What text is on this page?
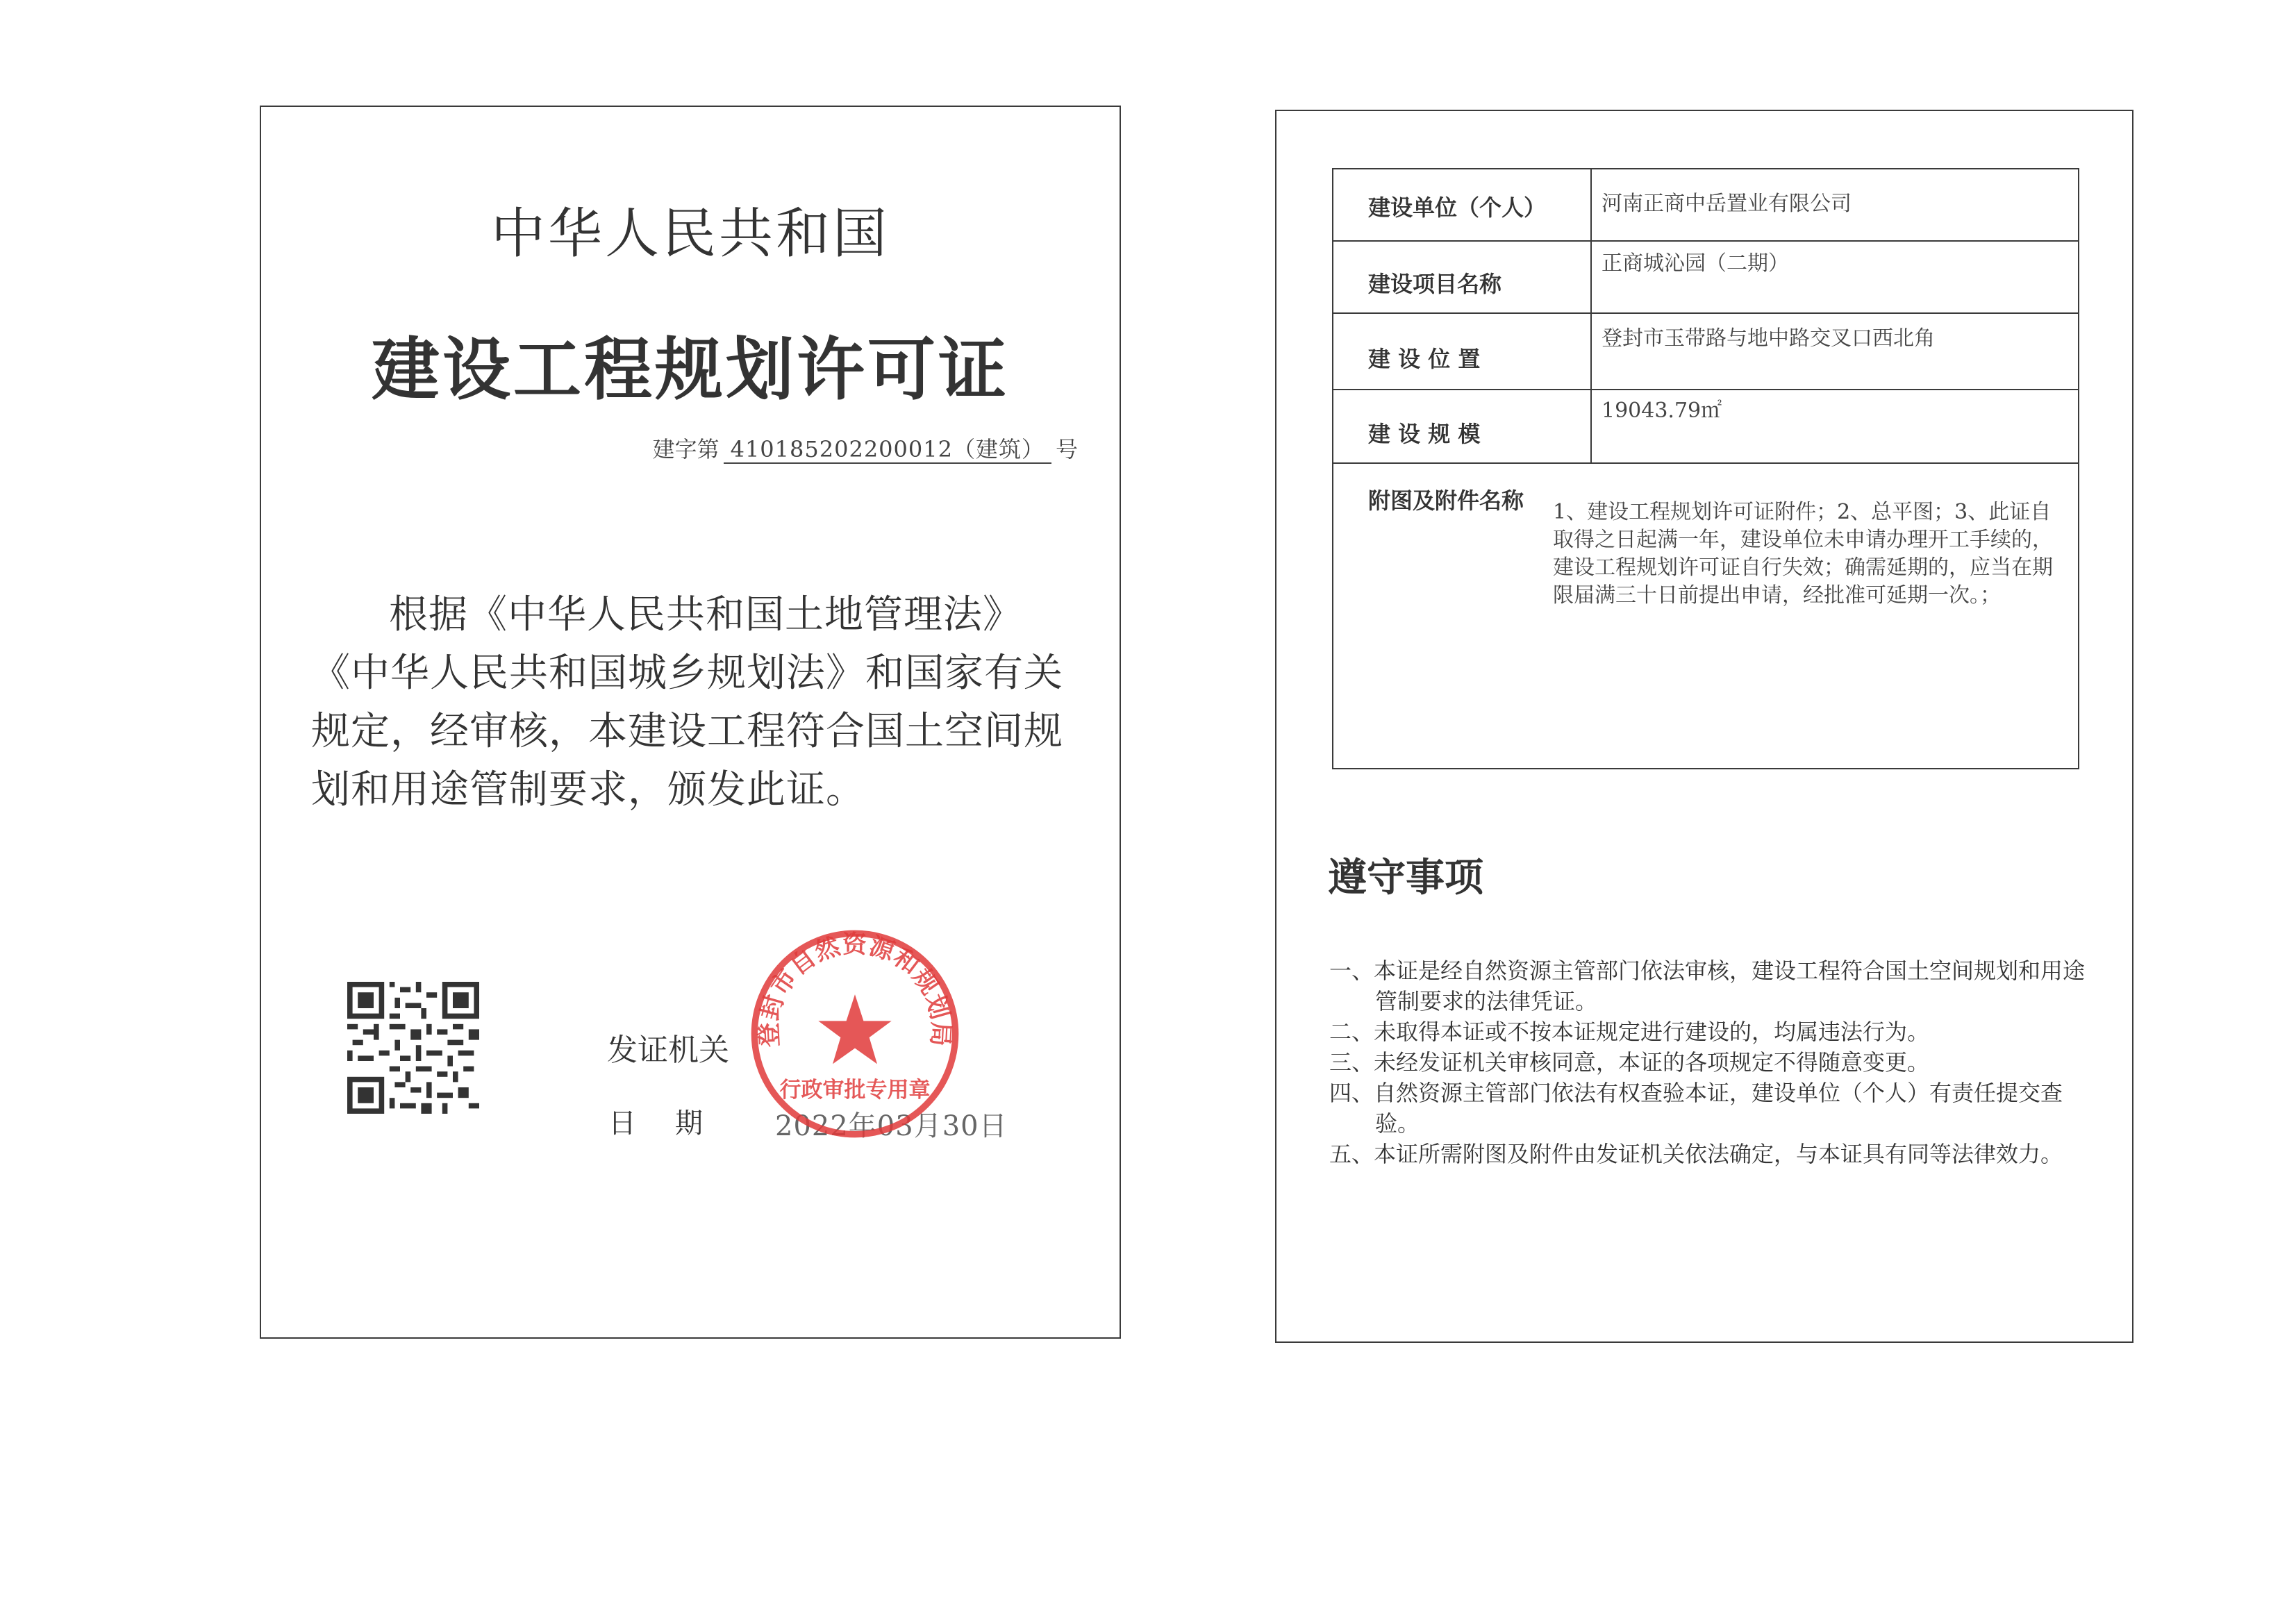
中华人民共和国
建设工程规划许可证
建字第 410185202200012（建筑） 号
根据《中华人民共和国土地管理法》《中华人民共和国城乡规划法》和国家有关规定，经审核，本建设工程符合国土空间规划和用途管制要求，颁发此证。
发证机关
日期 2022年03月30日
登封市自然资源和规划局
行政审批专用章
建设单位（个人）	河南正商中岳置业有限公司
建设项目名称
正商城沁园（二期）
建 设 位 置
登封市玉带路与地中路交叉口西北角
建 设 规 模
19043.79㎡
附图及附件名称 1、建设工程规划许可证附件；2、总平图；3、此证自取得之日起满一年，建设单位未申请办理开工手续的，建设工程规划许可证自行失效；确需延期的，应当在期限届满三十日前提出申请，经批准可延期一次。；
遵守事项
一、本证是经自然资源主管部门依法审核，建设工程符合国土空间规划和用途管制要求的法律凭证。
二、未取得本证或不按本证规定进行建设的，均属违法行为。
三、未经发证机关审核同意，本证的各项规定不得随意变更。
四、自然资源主管部门依法有权查验本证，建设单位（个人）有责任提交查验。
五、本证所需附图及附件由发证机关依法确定，与本证具有同等法律效力。
